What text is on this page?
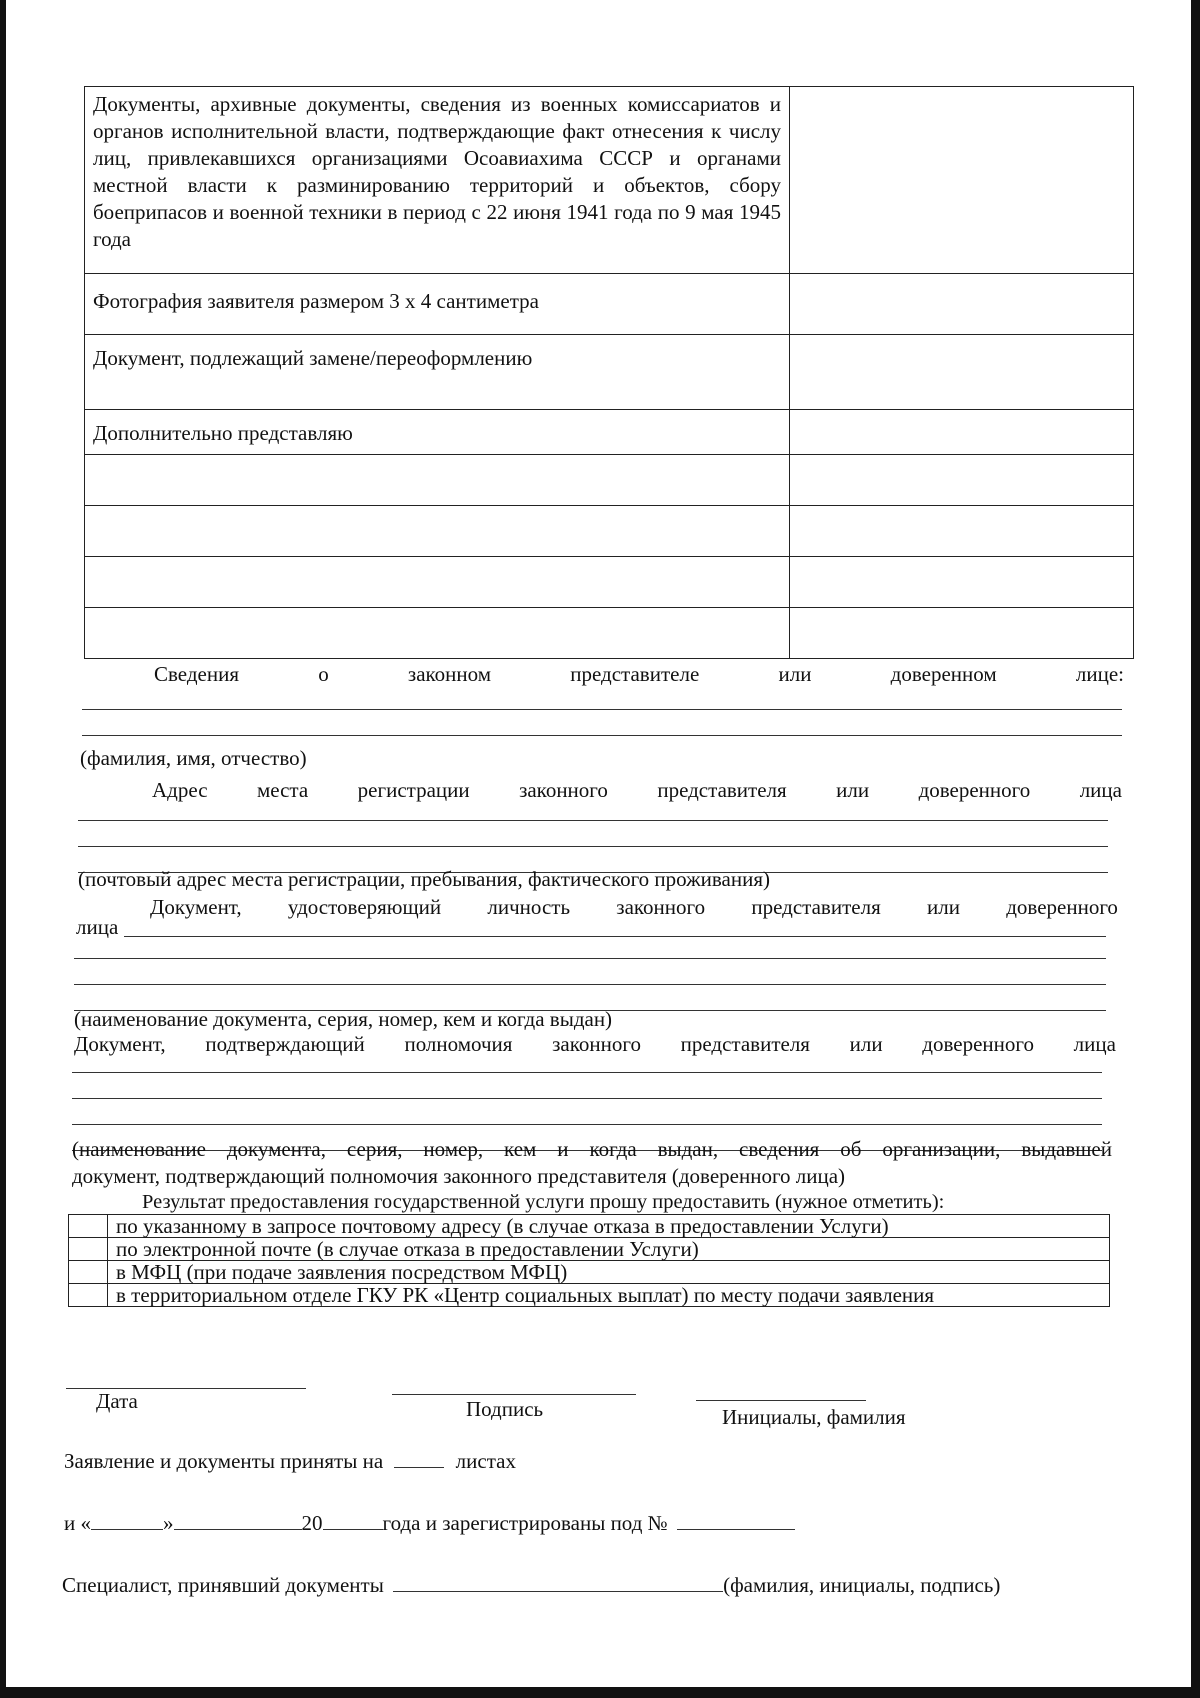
Документы, архивные документы, сведения из военных комиссариатов и органов исполнительной власти, подтверждающие факт отнесения к числу лиц, привлекавшихся организациями Осоавиахима СССР и органами местной власти к разминированию территорий и объектов, сбору боеприпасов и военной техники в период с 22 июня 1941 года по 9 мая 1945 года	
Фотография заявителя размером 3 х 4 сантиметра	
Документ, подлежащий замене/переоформлению	
Дополнительно представляю	

Сведения	о	законном	представителе	или	доверенном	лице:
(фамилия, имя, отчество)
Адрес места регистрации законного представителя или доверенного лица
(почтовый адрес места регистрации, пребывания, фактического проживания)
Документ, удостоверяющий личность законного представителя или доверенного
лица
(наименование документа, серия, номер, кем и когда выдан)
Документ, подтверждающий полномочия законного представителя или доверенного лица
(наименование документа, серия, номер, кем и когда выдан, сведения об организации, выдавшей
документ, подтверждающий полномочия законного представителя (доверенного лица)
Результат предоставления государственной услуги прошу предоставить (нужное отметить):
	по указанному в запросе почтовому адресу (в случае отказа в предоставлении Услуги)
	по электронной почте (в случае отказа в предоставлении Услуги)
	в МФЦ (при подаче заявления посредством МФЦ)
	в территориальном отделе ГКУ РК «Центр социальных выплат) по месту подачи заявления
Дата	Подпись	Инициалы, фамилия
Заявление и документы приняты на	листах
и «	»	20	года и зарегистрированы под №
Специалист, принявший документы	(фамилия, инициалы, подпись)
